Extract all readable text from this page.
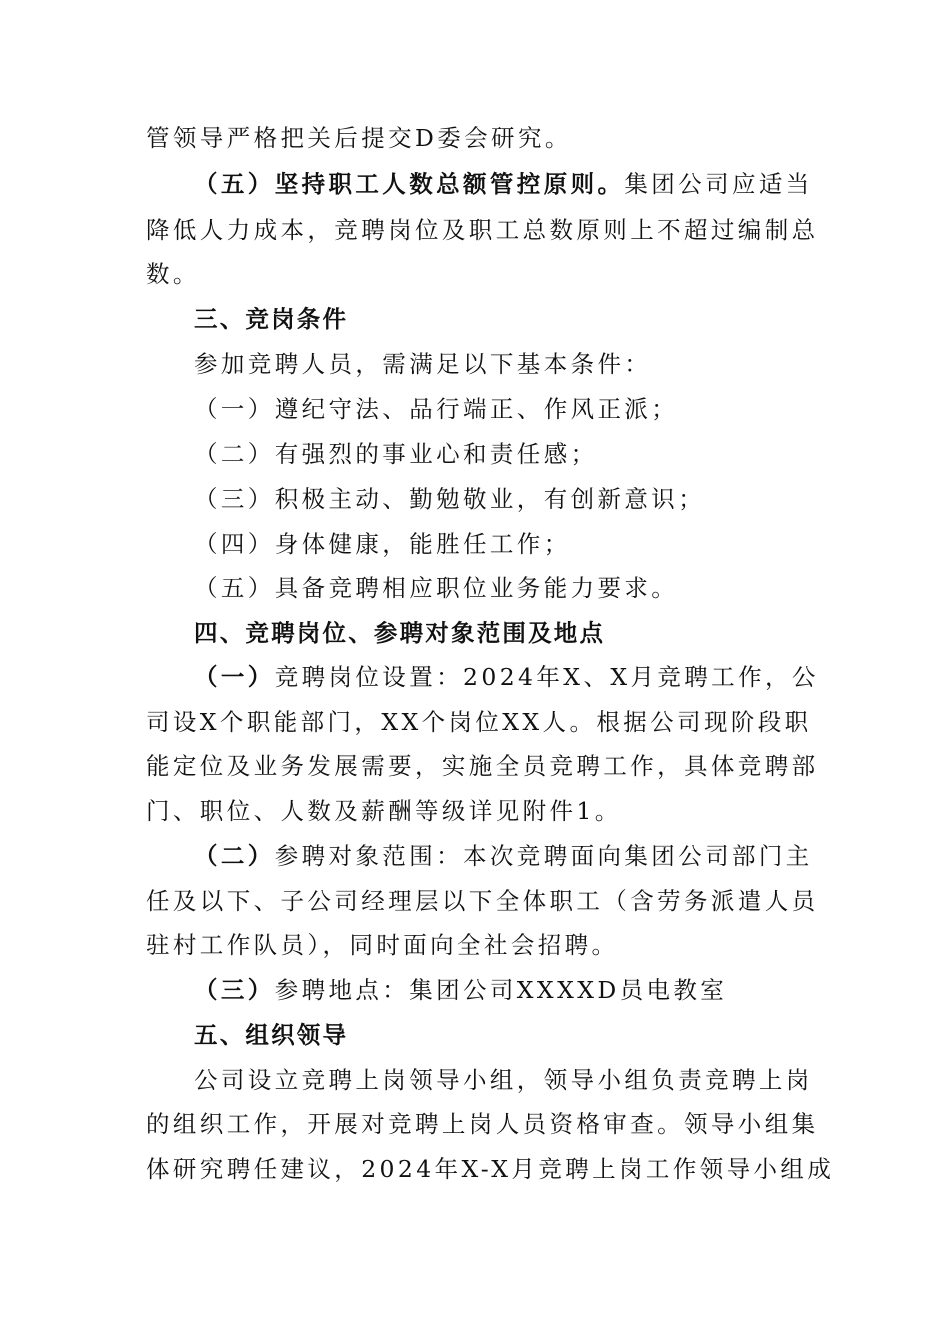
管领导严格把关后提交D委会研究。
（五）坚持职工人数总额管控原则。集团公司应适当
降低人力成本，竞聘岗位及职工总数原则上不超过编制总
数。
三、竞岗条件
参加竞聘人员，需满足以下基本条件：
（一）遵纪守法、品行端正、作风正派；
（二）有强烈的事业心和责任感；
（三）积极主动、勤勉敬业，有创新意识；
（四）身体健康，能胜任工作；
（五）具备竞聘相应职位业务能力要求。
四、竞聘岗位、参聘对象范围及地点
（一）竞聘岗位设置：2024年X、X月竞聘工作，公
司设X个职能部门，XX个岗位XX人。根据公司现阶段职
能定位及业务发展需要，实施全员竞聘工作，具体竞聘部
门、职位、人数及薪酬等级详见附件1。
（二）参聘对象范围：本次竞聘面向集团公司部门主
任及以下、子公司经理层以下全体职工（含劳务派遣人员
驻村工作队员），同时面向全社会招聘。
（三）参聘地点：集团公司XXXXD员电教室
五、组织领导
公司设立竞聘上岗领导小组，领导小组负责竞聘上岗
的组织工作，开展对竞聘上岗人员资格审查。领导小组集
体研究聘任建议，2024年X-X月竞聘上岗工作领导小组成
